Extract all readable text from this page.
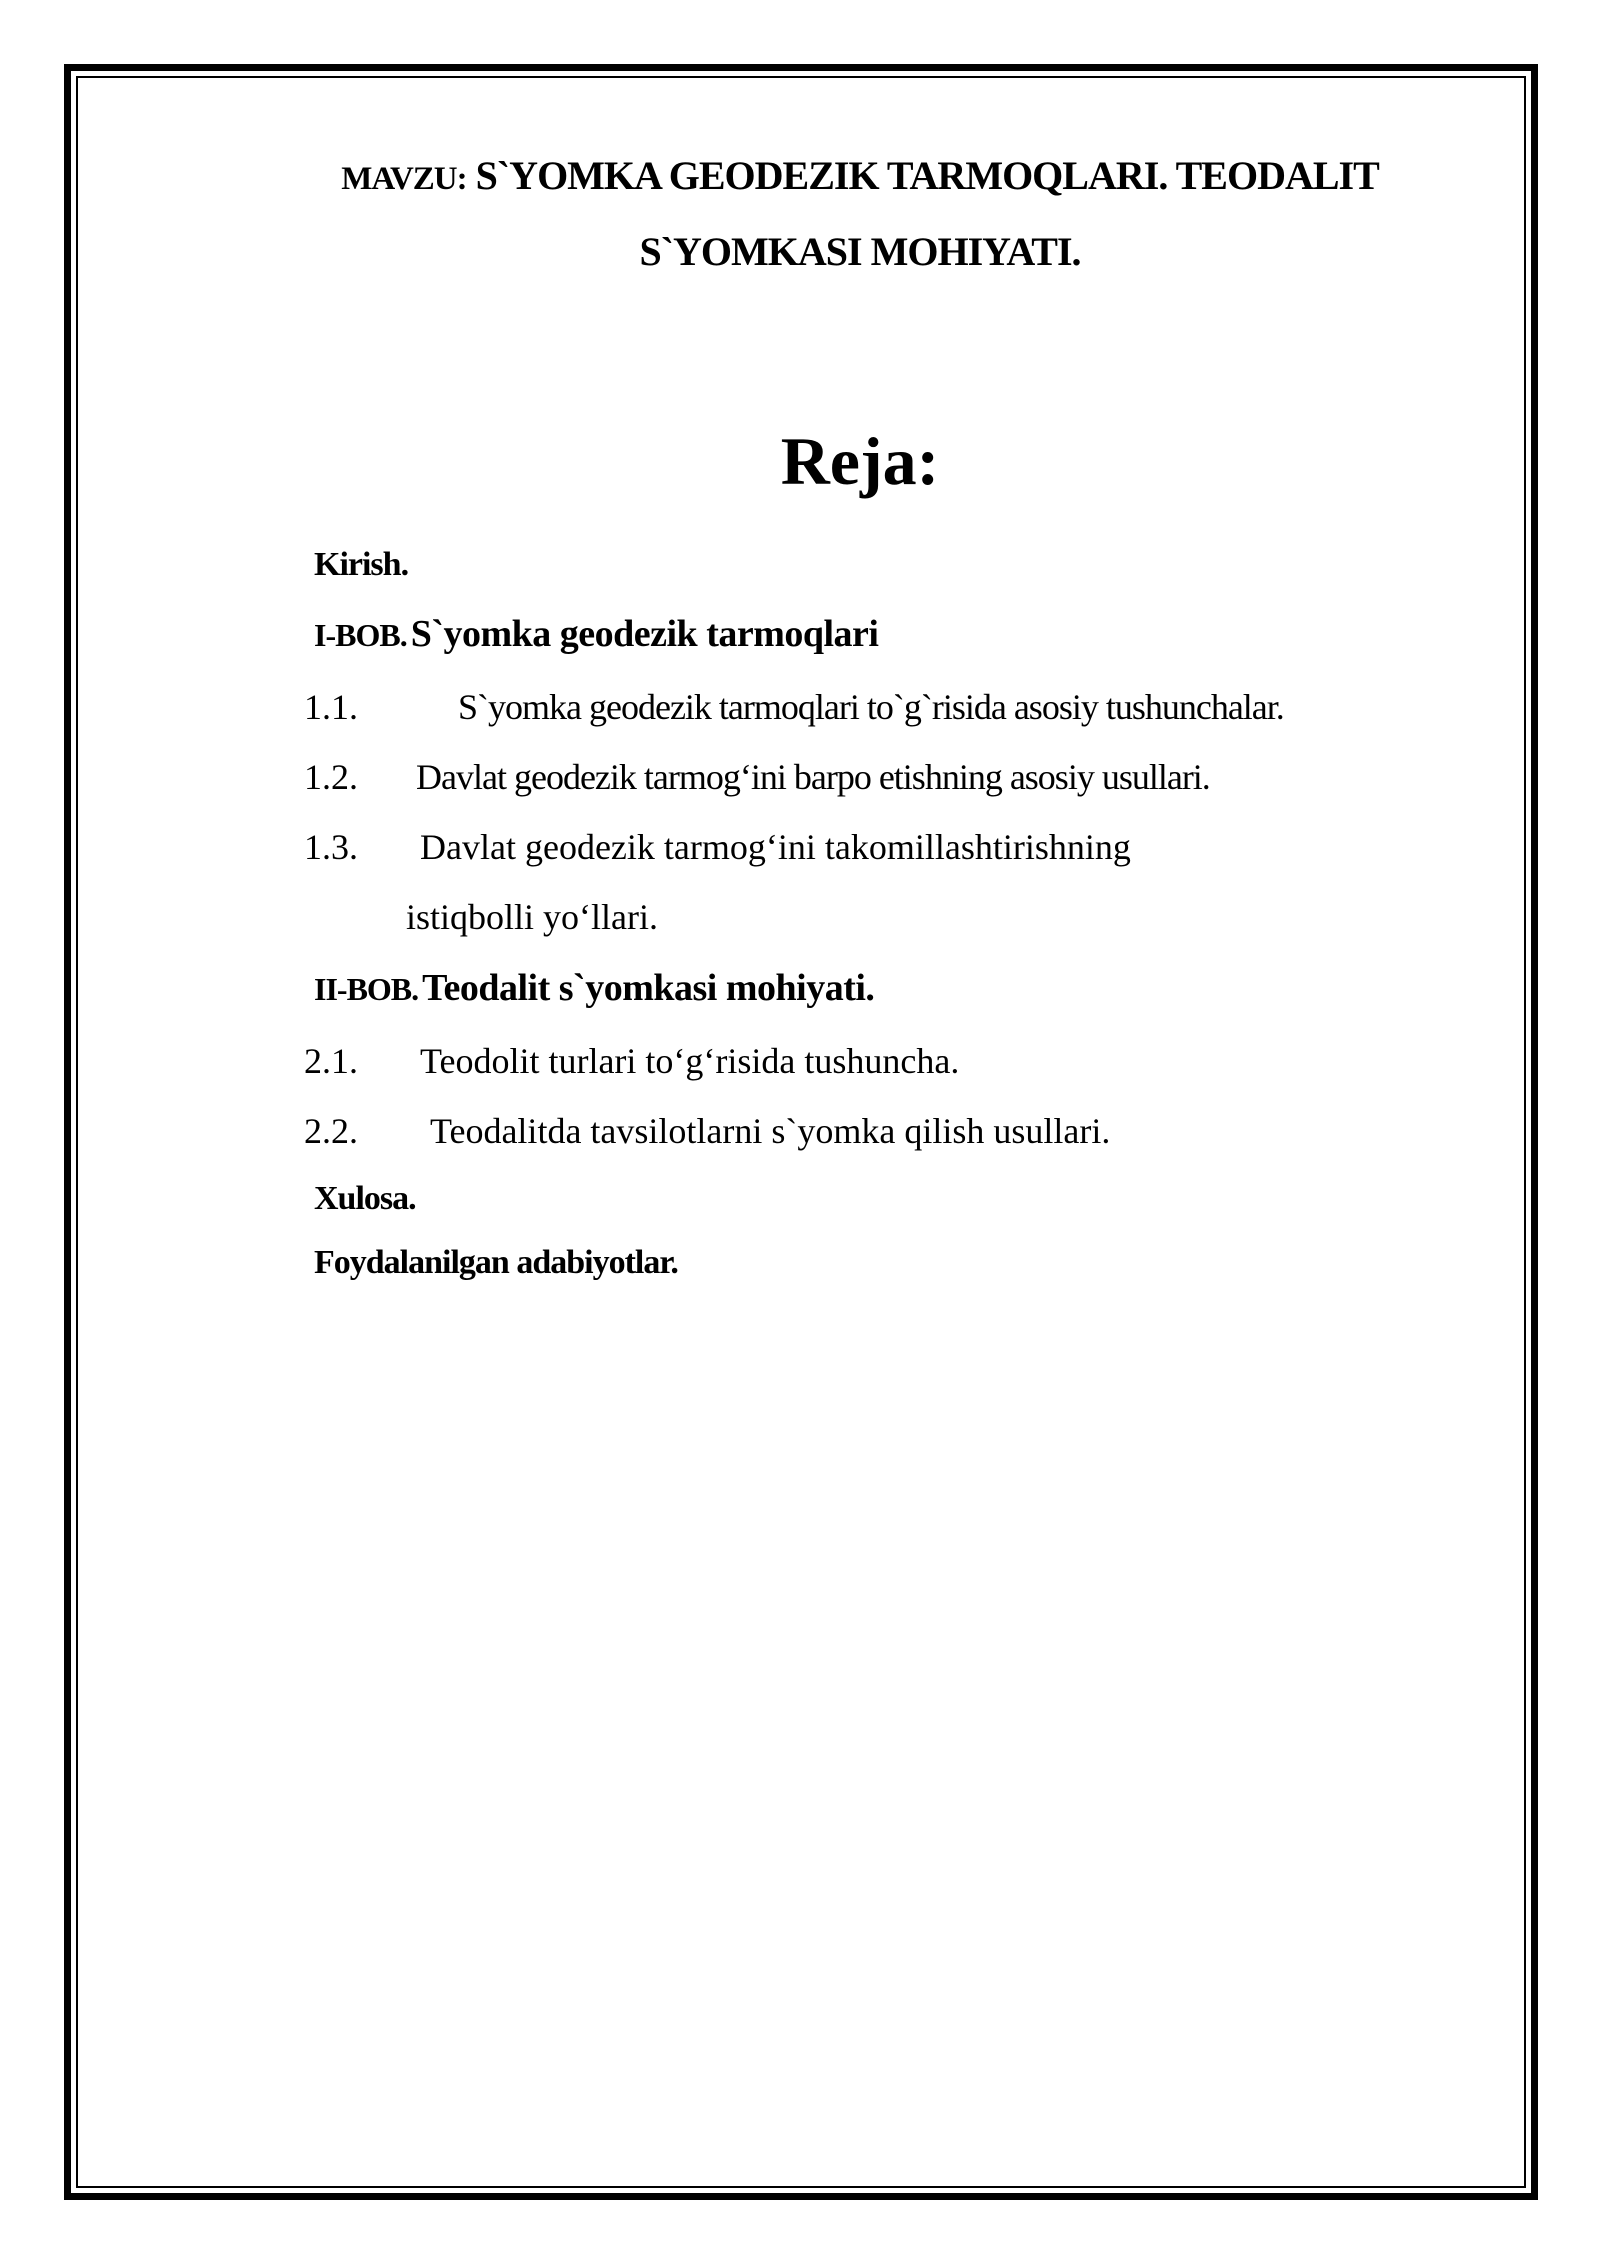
MAVZU: S`YOMKA GEODEZIK TARMOQLARI. TEODALIT
S`YOMKASI MOHIYATI.
Reja:

Kirish.

I-BOB. S`yomka geodezik tarmoqlari

1.1.	S`yomka geodezik tarmoqlari to`g`risida asosiy tushunchalar.
1.2. Davlat geodezik tarmog‘ini barpo etishning asosiy usullari.
1.3. Davlat geodezik tarmog‘ini takomillashtirishning

istiqbolli yo‘llari.

II-BOB. Teodalit s`yomkasi mohiyati.

2.1. Teodolit turlari to‘g‘risida tushuncha.
2.2. Teodalitda tavsilotlarni s`yomka qilish usullari.

Xulosa.

Foydalanilgan adabiyotlar.
